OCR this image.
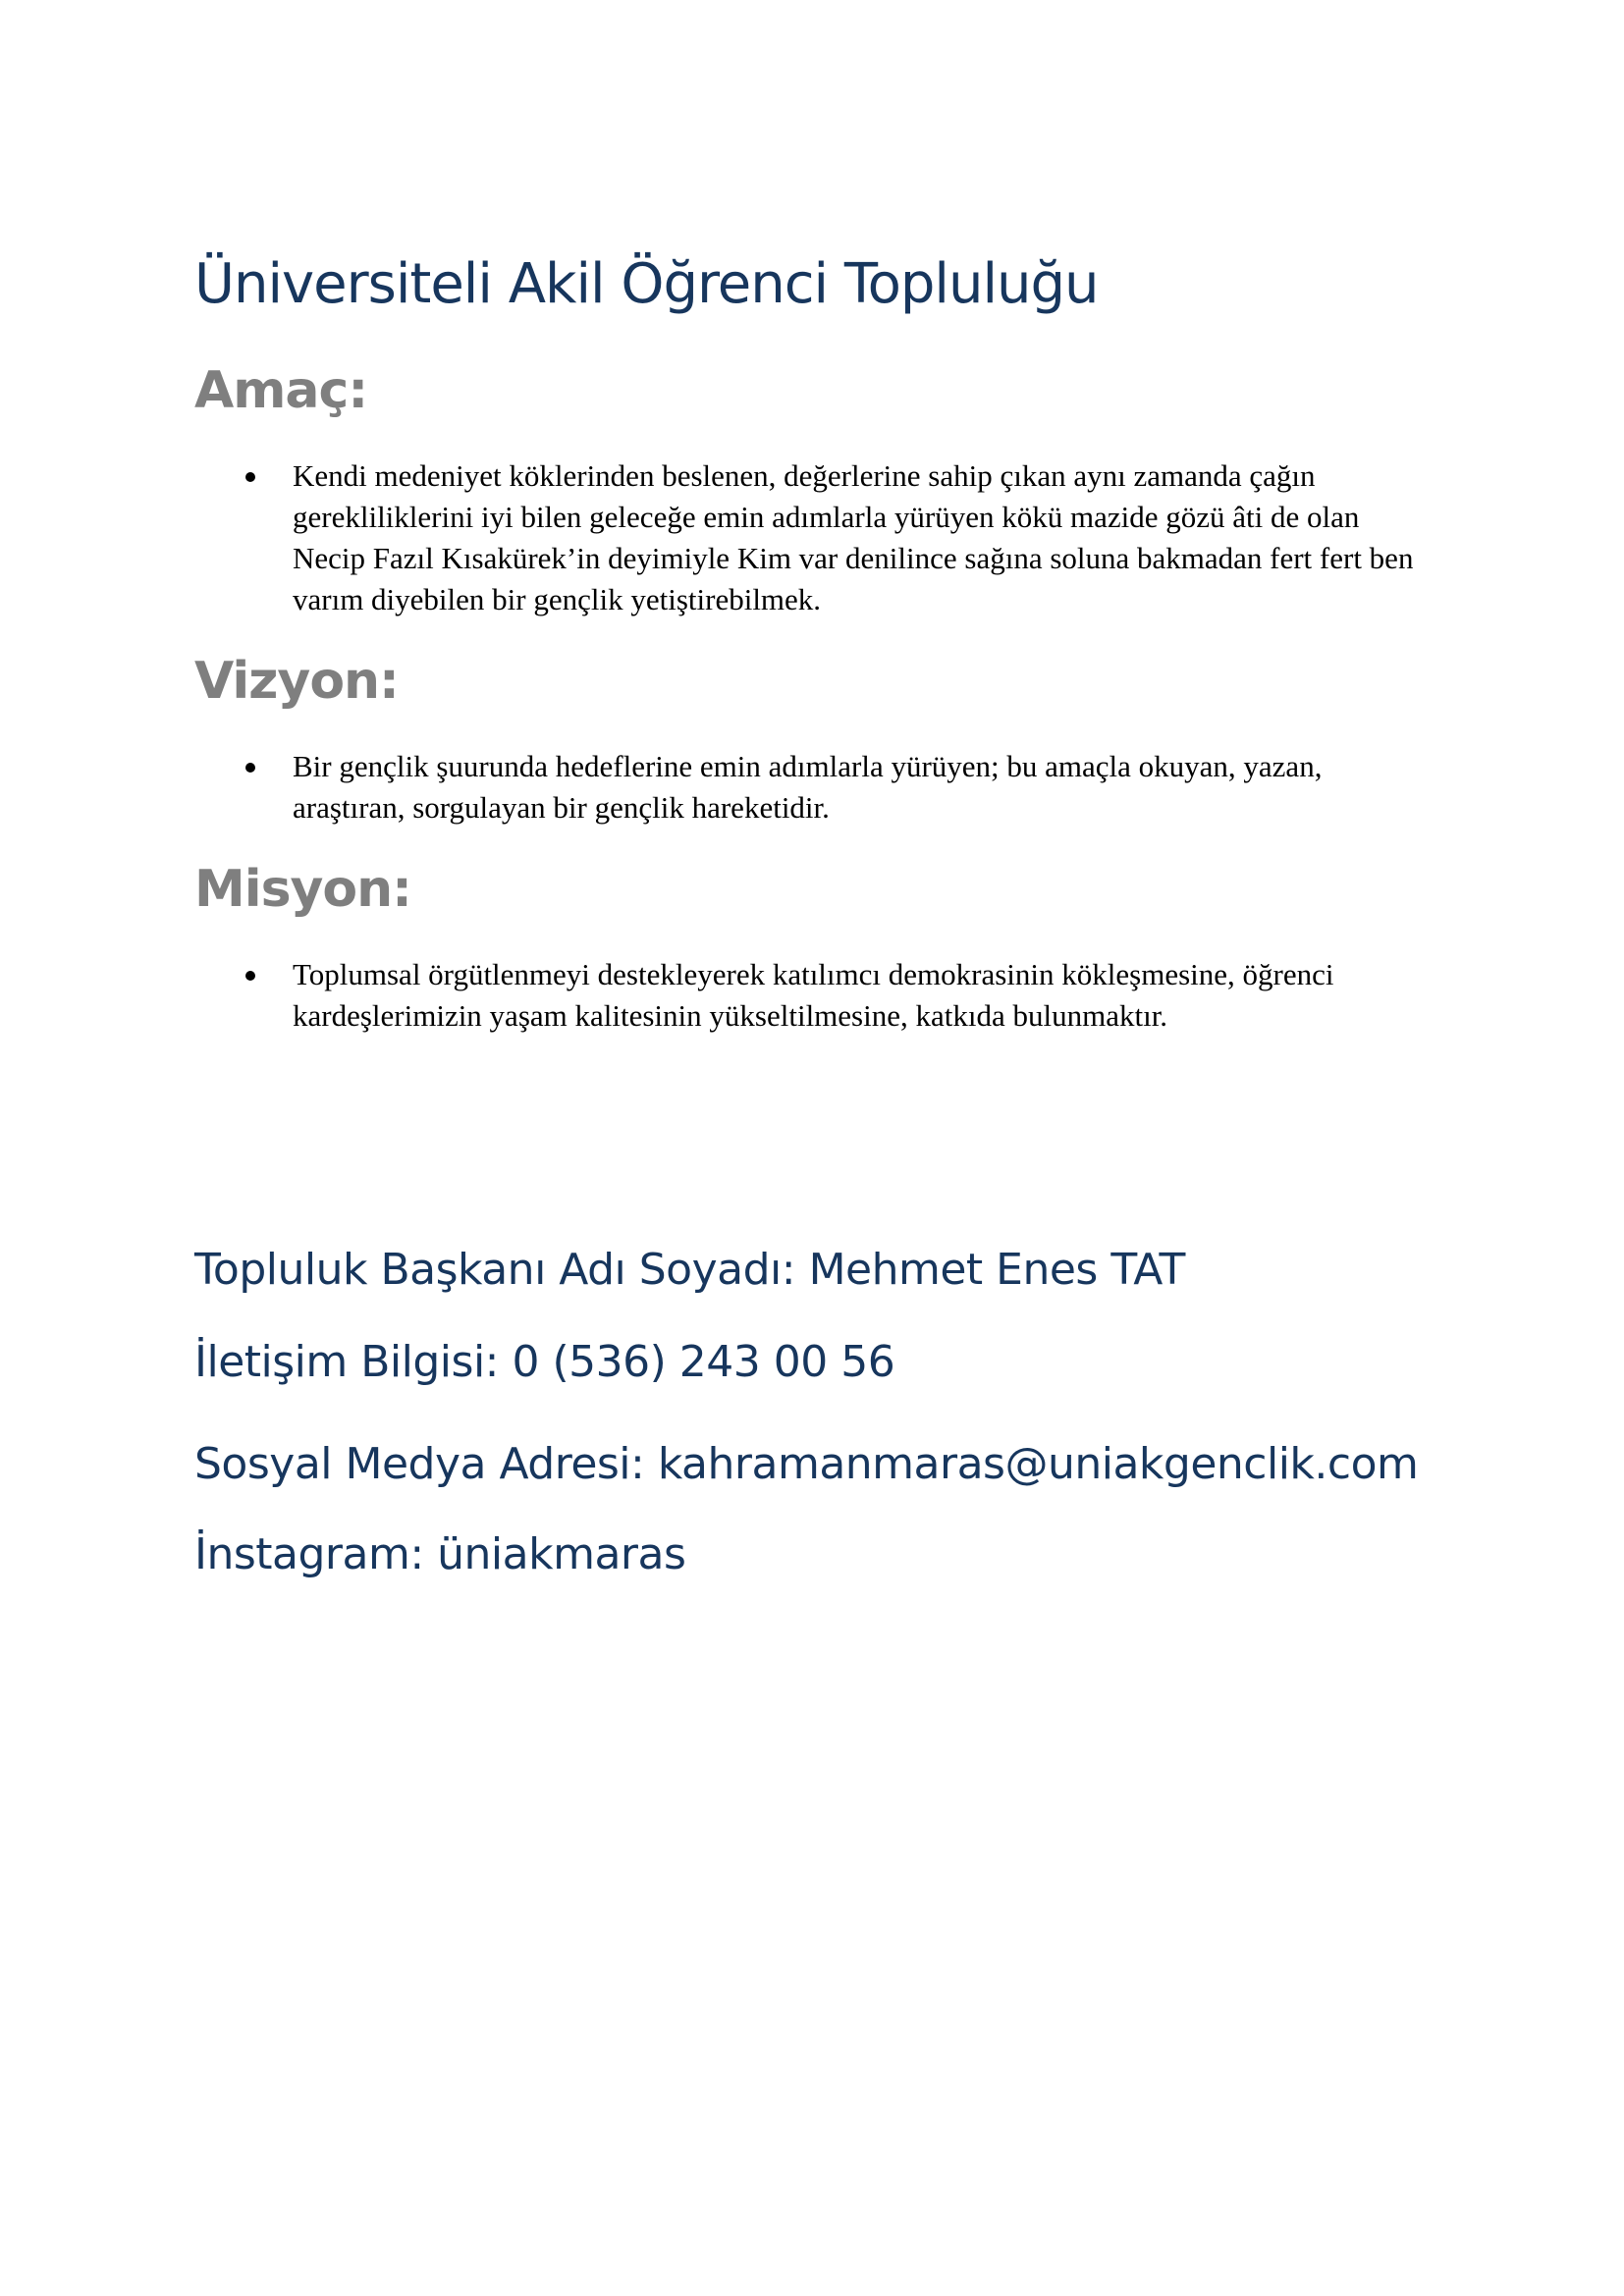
Üniversiteli Akil Öğrenci Topluluğu
Amaç:
Kendi medeniyet köklerinden beslenen, değerlerine sahip çıkan aynı zamanda çağın gerekliliklerini iyi bilen geleceğe emin adımlarla yürüyen kökü mazide gözü âti de olan Necip Fazıl Kısakürek’in deyimiyle Kim var denilince sağına soluna bakmadan fert fert ben varım diyebilen bir gençlik yetiştirebilmek.
Vizyon:
Bir gençlik şuurunda hedeflerine emin adımlarla yürüyen; bu amaçla okuyan, yazan, araştıran, sorgulayan bir gençlik hareketidir.
Misyon:
Toplumsal örgütlenmeyi destekleyerek katılımcı demokrasinin kökleşmesine, öğrenci kardeşlerimizin yaşam kalitesinin yükseltilmesine, katkıda bulunmaktır.

Topluluk Başkanı Adı Soyadı: Mehmet Enes TAT

İletişim Bilgisi: 0 (536) 243 00 56

Sosyal Medya Adresi: kahramanmaras@uniakgenclik.com

İnstagram: üniakmaras
